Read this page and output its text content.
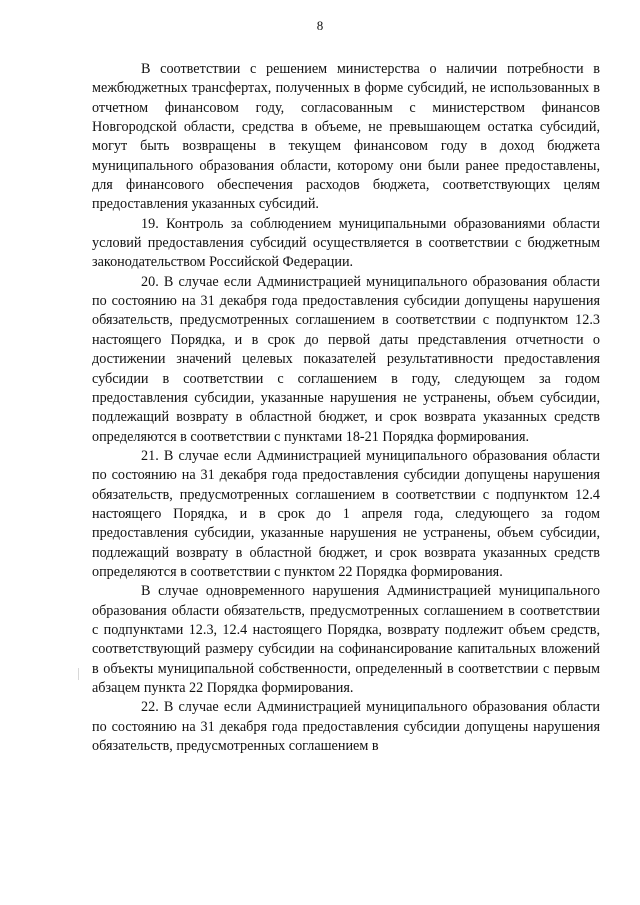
8

В соответствии с решением министерства о наличии потребности в межбюджетных трансфертах, полученных в форме субсидий, не использованных в отчетном финансовом году, согласованным с министерством финансов Новгородской области, средства в объеме, не превышающем остатка субсидий, могут быть возвращены в текущем финансовом году в доход бюджета муниципального образования области, которому они были ранее предоставлены, для финансового обеспечения расходов бюджета, соответствующих целям предоставления указанных субсидий.

19. Контроль за соблюдением муниципальными образованиями области условий предоставления субсидий осуществляется в соответствии с бюджетным законодательством Российской Федерации.

20. В случае если Администрацией муниципального образования области по состоянию на 31 декабря года предоставления субсидии допущены нарушения обязательств, предусмотренных соглашением в соответствии с подпунктом 12.3 настоящего Порядка, и в срок до первой даты представления отчетности о достижении значений целевых показателей результативности предоставления субсидии в соответствии с соглашением в году, следующем за годом предоставления субсидии, указанные нарушения не устранены, объем субсидии, подлежащий возврату в областной бюджет, и срок возврата указанных средств определяются в соответствии с пунктами 18-21 Порядка формирования.

21. В случае если Администрацией муниципального образования области по состоянию на 31 декабря года предоставления субсидии допущены нарушения обязательств, предусмотренных соглашением в соответствии с подпунктом 12.4 настоящего Порядка, и в срок до 1 апреля года, следующего за годом предоставления субсидии, указанные нарушения не устранены, объем субсидии, подлежащий возврату в областной бюджет, и срок возврата указанных средств определяются в соответствии с пунктом 22 Порядка формирования.

В случае одновременного нарушения Администрацией муниципального образования области обязательств, предусмотренных соглашением в соответствии с подпунктами 12.3, 12.4 настоящего Порядка, возврату подлежит объем средств, соответствующий размеру субсидии на софинансирование капитальных вложений в объекты муниципальной собственности, определенный в соответствии с первым абзацем пункта 22 Порядка формирования.

22. В случае если Администрацией муниципального образования области по состоянию на 31 декабря года предоставления субсидии допущены нарушения обязательств, предусмотренных соглашением в
